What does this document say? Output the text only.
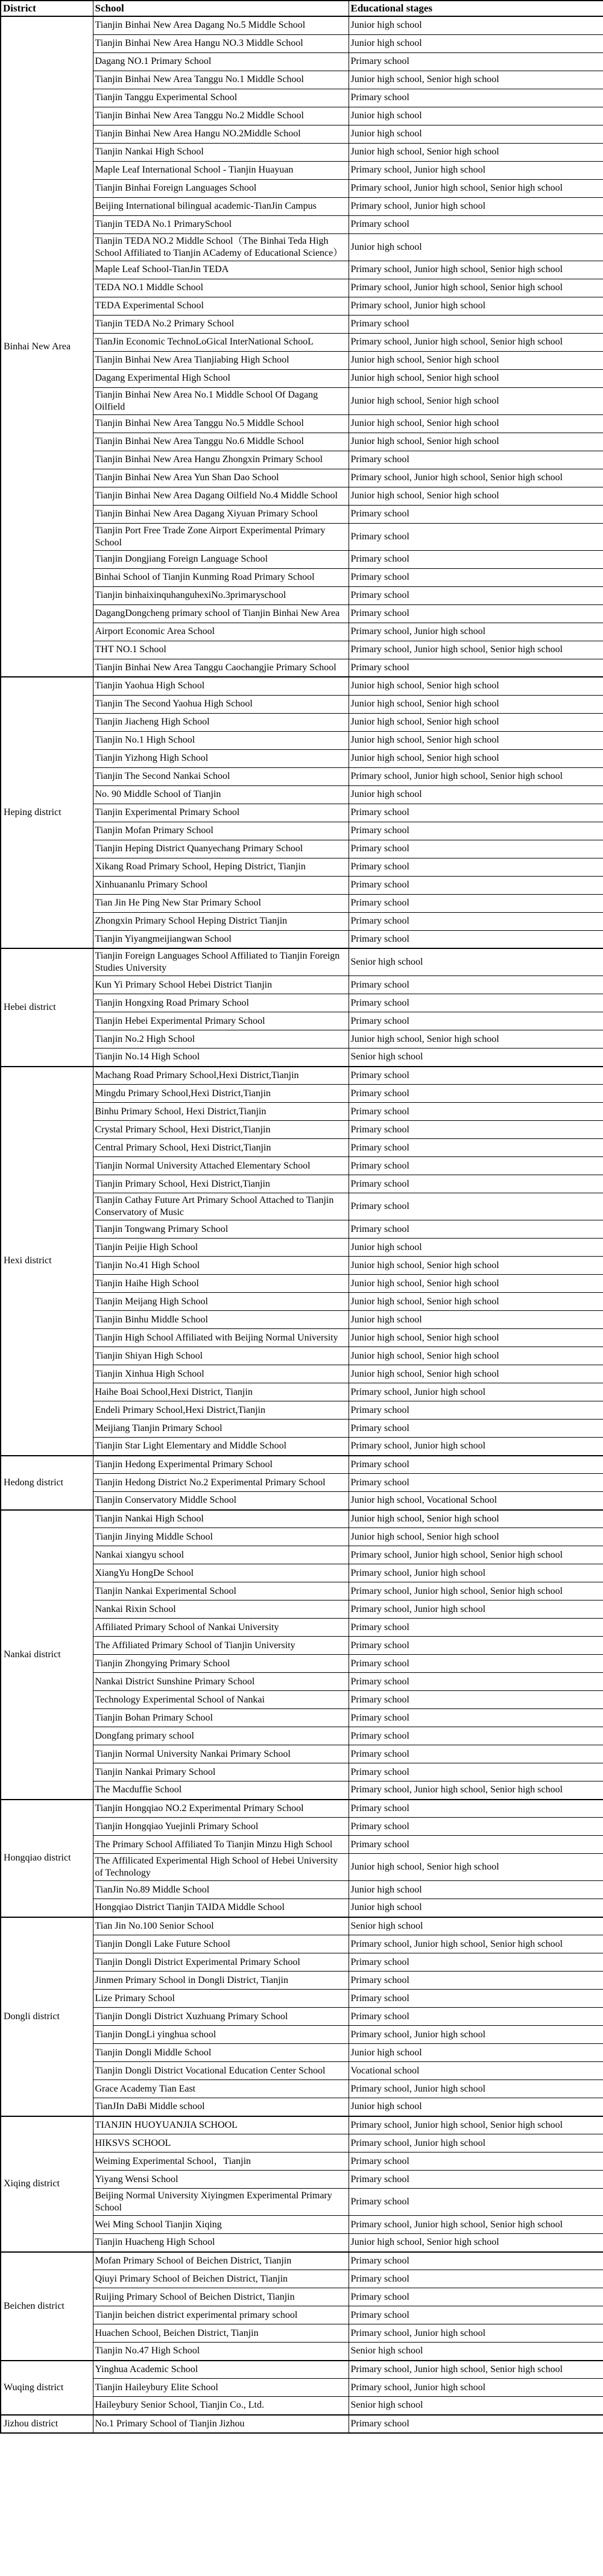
District	School	Educational stages
Binhai New Area	Tianjin Binhai New Area Dagang No.5 Middle School	Junior high school
	Tianjin Binhai New Area Hangu NO.3 Middle School	Junior high school
	Dagang NO.1 Primary School	Primary school
	Tianjin Binhai New Area Tanggu No.1 Middle School	Junior high school, Senior high school
	Tianjin Tanggu Experimental School	Primary school
	Tianjin Binhai New Area Tanggu No.2 Middle School	Junior high school
	Tianjin Binhai New Area Hangu NO.2Middle School	Junior high school
	Tianjin Nankai High School	Junior high school, Senior high school
	Maple Leaf International School - Tianjin Huayuan	Primary school, Junior high school
	Tianjin Binhai Foreign Languages School	Primary school, Junior high school, Senior high school
	Beijing International bilingual academic-TianJin Campus	Primary school, Junior high school
	Tianjin TEDA No.1 PrimarySchool	Primary school
	Tianjin TEDA NO.2 Middle School（The Binhai Teda High School Affiliated to Tianjin ACademy of Educational Science）	Junior high school
	Maple Leaf School-TianJin TEDA	Primary school, Junior high school, Senior high school
	TEDA NO.1 Middle School	Primary school, Junior high school, Senior high school
	TEDA Experimental School	Primary school, Junior high school
	Tianjin TEDA No.2 Primary School	Primary school
	TianJin Economic TechnoLoGical InterNational SchooL	Primary school, Junior high school, Senior high school
	Tianjin Binhai New Area Tianjiabing High School	Junior high school, Senior high school
	Dagang Experimental High School	Junior high school, Senior high school
	Tianjin Binhai New Area No.1 Middle School Of Dagang Oilfield	Junior high school, Senior high school
	Tianjin Binhai New Area Tanggu No.5 Middle School	Junior high school, Senior high school
	Tianjin Binhai New Area Tanggu No.6 Middle School	Junior high school, Senior high school
	Tianjin Binhai New Area Hangu Zhongxin Primary School	Primary school
	Tianjin Binhai New Area Yun Shan Dao School	Primary school, Junior high school, Senior high school
	Tianjin Binhai New Area Dagang Oilfield No.4 Middle School	Junior high school, Senior high school
	Tianjin Binhai New Area Dagang Xiyuan Primary School	Primary school
	Tianjin Port Free Trade Zone Airport Experimental Primary School	Primary school
	Tianjin Dongjiang Foreign Language School	Primary school
	Binhai School of Tianjin Kunming Road Primary School	Primary school
	Tianjin binhaixinquhanguhexiNo.3primaryschool	Primary school
	DagangDongcheng primary school of Tianjin Binhai New Area	Primary school
	Airport Economic Area School	Primary school, Junior high school
	THT NO.1 School	Primary school, Junior high school, Senior high school
	Tianjin Binhai New Area Tanggu Caochangjie Primary School	Primary school
Heping district	Tianjin Yaohua High School	Junior high school, Senior high school
	Tianjin The Second Yaohua High School	Junior high school, Senior high school
	Tianjin Jiacheng High School	Junior high school, Senior high school
	Tianjin No.1 High School	Junior high school, Senior high school
	Tianjin Yizhong High School	Junior high school, Senior high school
	Tianjin The Second Nankai School	Primary school, Junior high school, Senior high school
	No. 90 Middle School of Tianjin	Junior high school
	Tianjin Experimental Primary School	Primary school
	Tianjin Mofan Primary School	Primary school
	Tianjin Heping District Quanyechang Primary School	Primary school
	Xikang Road Primary School, Heping District, Tianjin	Primary school
	Xinhuananlu Primary School	Primary school
	Tian Jin He Ping New Star Primary School	Primary school
	Zhongxin Primary School Heping District Tianjin	Primary school
	Tianjin Yiyangmeijiangwan School	Primary school
Hebei district	Tianjin Foreign Languages School Affiliated to Tianjin Foreign Studies University	Senior high school
	Kun Yi Primary School Hebei District Tianjin	Primary school
	Tianjin Hongxing Road Primary School	Primary school
	Tianjin Hebei Experimental Primary School	Primary school
	Tianjin No.2 High School	Junior high school, Senior high school
	Tianjin No.14 High School	Senior high school
Hexi district	Machang Road Primary School,Hexi District,Tianjin	Primary school
	Mingdu Primary School,Hexi District,Tianjin	Primary school
	Binhu Primary School, Hexi District,Tianjin	Primary school
	Crystal Primary School, Hexi District,Tianjin	Primary school
	Central Primary School, Hexi District,Tianjin	Primary school
	Tianjin Normal University Attached Elementary School	Primary school
	Tianjin Primary School, Hexi District,Tianjin	Primary school
	Tianjin Cathay Future Art Primary School Attached to Tianjin Conservatory of Music	Primary school
	Tianjin Tongwang Primary School	Primary school
	Tianjin Peijie High School	Junior high school
	Tianjin No.41 High School	Junior high school, Senior high school
	Tianjin Haihe High School	Junior high school, Senior high school
	Tianjin Meijang High School	Junior high school, Senior high school
	Tianjin Binhu Middle School	Junior high school
	Tianjin High School Affiliated with Beijing Normal University	Junior high school, Senior high school
	Tianjin Shiyan High School	Junior high school, Senior high school
	Tianjin Xinhua High School	Junior high school, Senior high school
	Haihe Boai School,Hexi District, Tianjin	Primary school, Junior high school
	Endeli Primary School,Hexi District,Tianjin	Primary school
	Meijiang Tianjin Primary School	Primary school
	Tianjin Star Light Elementary and Middle School	Primary school, Junior high school
Hedong district	Tianjin Hedong Experimental Primary School	Primary school
	Tianjin Hedong District No.2 Experimental Primary School	Primary school
	Tianjin Conservatory Middle School	Junior high school, Vocational School
Nankai district	Tianjin Nankai High School	Junior high school, Senior high school
	Tianjin Jinying Middle School	Junior high school, Senior high school
	Nankai xiangyu school	Primary school, Junior high school, Senior high school
	XiangYu HongDe School	Primary school, Junior high school
	Tianjin Nankai Experimental School	Primary school, Junior high school, Senior high school
	Nankai Rixin School	Primary school, Junior high school
	Affiliated Primary School of Nankai University	Primary school
	The Affiliated Primary School of Tianjin University	Primary school
	Tianjin Zhongying Primary School	Primary school
	Nankai District Sunshine Primary School	Primary school
	Technology Experimental School of Nankai	Primary school
	Tianjin Bohan Primary School	Primary school
	Dongfang primary school	Primary school
	Tianjin Normal University Nankai Primary School	Primary school
	Tianjin Nankai Primary School	Primary school
	The Macduffie School	Primary school, Junior high school, Senior high school
Hongqiao district	Tianjin Hongqiao NO.2 Experimental Primary School	Primary school
	Tianjin Hongqiao Yuejinli Primary School	Primary school
	The Primary School Affiliated To Tianjin Minzu High School	Primary school
	The Affilicated Experimental High School of Hebei University of Technology	Junior high school, Senior high school
	TianJin No.89 Middle School	Junior high school
	Hongqiao District Tianjin TAIDA Middle School	Junior high school
Dongli district	Tian Jin No.100 Senior School	Senior high school
	Tianjin Dongli Lake Future School	Primary school, Junior high school, Senior high school
	Tianjin Dongli District Experimental Primary School	Primary school
	Jinmen Primary School in Dongli District, Tianjin	Primary school
	Lize Primary School	Primary school
	Tianjin Dongli District Xuzhuang Primary School	Primary school
	Tianjin DongLi yinghua school	Primary school, Junior high school
	Tianjin Dongli Middle School	Junior high school
	Tianjin Dongli District Vocational Education Center School	Vocational school
	Grace Academy Tian East	Primary school, Junior high school
	TianJIn DaBi Middle school	Junior high school
Xiqing district	TIANJIN HUOYUANJIA SCHOOL	Primary school, Junior high school, Senior high school
	HIKSVS SCHOOL	Primary school, Junior high school
	Weiming Experimental School，Tianjin	Primary school
	Yiyang Wensi School	Primary school
	Beijing Normal University Xiyingmen Experimental Primary School	Primary school
	Wei Ming School Tianjin Xiqing	Primary school, Junior high school, Senior high school
	Tianjin Huacheng High School	Junior high school, Senior high school
Beichen district	Mofan Primary School of Beichen District, Tianjin	Primary school
	Qiuyi Primary School of Beichen District, Tianjin	Primary school
	Ruijing Primary School of Beichen District, Tianjin	Primary school
	Tianjin beichen district experimental primary school	Primary school
	Huachen School, Beichen District, Tianjin	Primary school, Junior high school
	Tianjin No.47 High School	Senior high school
Wuqing district	Yinghua Academic School	Primary school, Junior high school, Senior high school
	Tianjin Haileybury Elite School	Primary school, Junior high school
	Haileybury Senior School, Tianjin Co., Ltd.	Senior high school
Jizhou district	No.1 Primary School of Tianjin Jizhou	Primary school
